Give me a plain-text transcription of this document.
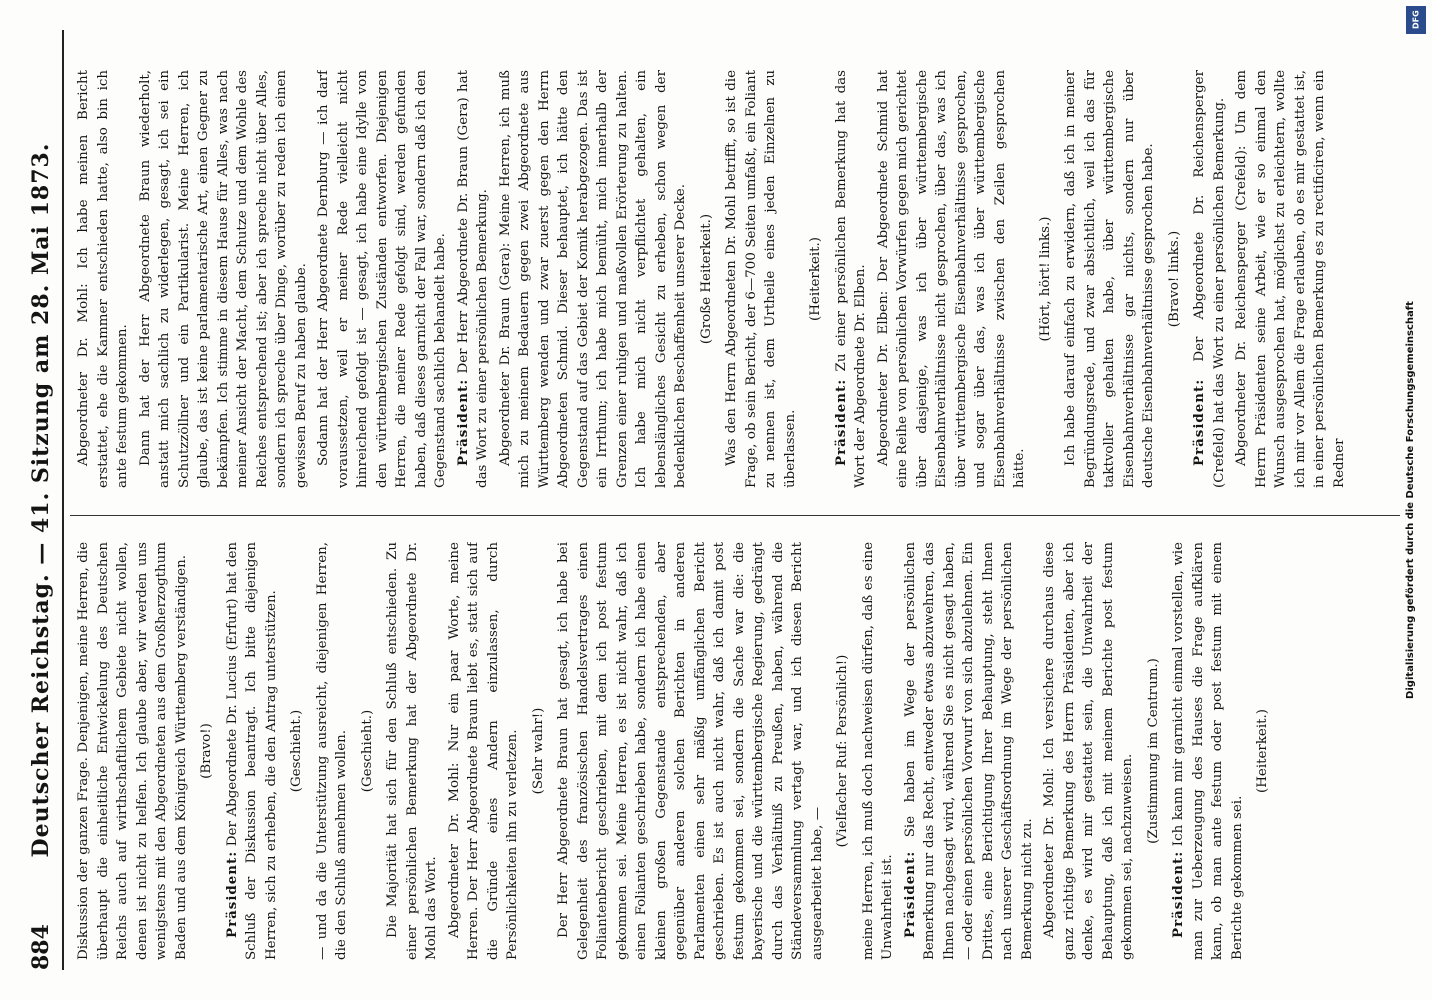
884
Deutscher Reichstag. — 41. Sitzung am 28. Mai 1873. Diskussion der ganzen Frage. Denjenigen, meine Herren, die überhaupt die einheitliche Entwickelung des Deutschen Reichs auch auf wirthschaftlichem Gebiete nicht wollen, denen ist nicht zu helfen. Ich glaube aber, wir werden uns wenigstens mit den Abgeordneten aus dem Großherzogthum Baden und aus dem Königreich Württemberg verständigen. (Bravo!)

Präsident: Der Abgeordnete Dr. Lucius (Erfurt) hat den Schluß der Diskussion beantragt. Ich bitte diejenigen Herren, sich zu erheben, die den Antrag unterstützen. (Geschieht.) — und da die Unterstützung ausreicht, diejenigen Herren, die den Schluß annehmen wollen. (Geschieht.) Die Majorität hat sich für den Schluß entschieden. Zu einer persönlichen Bemerkung hat der Abgeordnete Dr. Mohl das Wort. Abgeordneter Dr. Mohl: Nur ein paar Worte, meine Herren. Der Herr Abgeordnete Braun liebt es, statt sich auf die Gründe eines Andern einzulassen, durch Persönlichkeiten ihn zu verletzen. (Sehr wahr!) Der Herr Abgeordnete Braun hat gesagt, ich habe bei Gelegenheit des französischen Handelsvertrages einen Foliantenbericht geschrieben, mit dem ich post festum gekommen sei. Meine Herren, es ist nicht wahr, daß ich einen Folianten geschrieben habe, sondern ich habe einen kleinen großen Gegenstande entsprechenden, aber gegenüber anderen solchen Berichten in anderen Parlamenten einen sehr mäßig umfänglichen Bericht geschrieben. Es ist auch nicht wahr, daß ich damit post festum gekommen sei, sondern die Sache war die: die bayerische und die württembergische Regierung, gedrängt durch das Verhältniß zu Preußen, haben, während die Ständeversammlung vertagt war, und ich diesen Bericht ausgearbeitet habe, —

(Vielfacher Ruf: Persönlich!) meine Herren, ich muß doch nachweisen dürfen, daß es eine Unwahrheit ist. Präsident: Sie haben im Wege der persönlichen Bemerkung nur das Recht, entweder etwas abzuwehren, das Ihnen nachgesagt wird, während Sie es nicht gesagt haben, — oder einen persönlichen Vorwurf von sich abzulehnen. Ein Drittes, eine Berichtigung Ihrer Behauptung, steht Ihnen nach unserer Geschäftsordnung im Wege der persönlichen Bemerkung nicht zu. Abgeordneter Dr. Mohl: Ich versichere durchaus diese ganz richtige Bemerkung des Herrn Präsidenten, aber ich denke, es wird mir gestattet sein, die Unwahrheit der Behauptung, daß ich mit meinem Berichte post festum gekommen sei, nachzuweisen.

(Zustimmung im Centrum.)

Präsident: Ich kann mir garnicht einmal vorstellen, wie man zur Ueberzeugung des Hauses die Frage aufklären kann, ob man ante festum oder post festum mit einem Berichte gekommen sei.

(Heiterkeit.)

Abgeordneter Dr. Mohl: Ich habe meinen Bericht erstattet, ehe die Kammer entschieden hatte, also bin ich ante festum gekommen. Dann hat der Herr Abgeordnete Braun wiederholt, anstatt mich sachlich zu widerlegen, gesagt, ich sei ein Schutzzöllner und ein Partikularist. Meine Herren, ich glaube, das ist keine parlamentarische Art, einen Gegner zu bekämpfen. Ich stimme in diesem Hause für Alles, was nach meiner Ansicht der Macht, dem Schutze und dem Wohle des Reiches entsprechend ist; aber ich spreche nicht über Alles, sondern ich spreche über Dinge, worüber zu reden ich einen gewissen Beruf zu haben glaube. Sodann hat der Herr Abgeordnete Dernburg — ich darf voraussetzen, weil er meiner Rede vielleicht nicht hinreichend gefolgt ist — gesagt, ich habe eine Idylle von den württembergischen Zuständen entworfen. Diejenigen Herren, die meiner Rede gefolgt sind, werden gefunden haben, daß dieses garnicht der Fall war, sondern daß ich den Gegenstand sachlich behandelt habe. Präsident: Der Herr Abgeordnete Dr. Braun (Gera) hat das Wort zu einer persönlichen Bemerkung. Abgeordneter Dr. Braun (Gera): Meine Herren, ich muß mich zu meinem Bedauern gegen zwei Abgeordnete aus Württemberg wenden und zwar zuerst gegen den Herrn Abgeordneten Schmid. Dieser behauptet, ich hätte den Gegenstand auf das Gebiet der Komik herabgezogen. Das ist ein Irrthum; ich habe mich bemüht, mich innerhalb der Grenzen einer ruhigen und maßvollen Erörterung zu halten. Ich habe mich nicht verpflichtet gehalten, ein lebenslängliches Gesicht zu erheben, schon wegen der bedenklichen Beschaffenheit unserer Decke. (Große Heiterkeit.) Was den Herrn Abgeordneten Dr. Mohl betrifft, so ist die Frage, ob sein Bericht, der 6—700 Seiten umfaßt, ein Foliant zu nennen ist, dem Urtheile eines jeden Einzelnen zu überlassen.

(Heiterkeit.)

Präsident: Zu einer persönlichen Bemerkung hat das Wort der Abgeordnete Dr. Elben. Abgeordneter Dr. Elben: Der Abgeordnete Schmid hat eine Reihe von persönlichen Vorwürfen gegen mich gerichtet über dasjenige, was ich über württembergische Eisenbahnverhältnisse nicht gesprochen, über das, was ich über württembergische Eisenbahnverhältnisse gesprochen, und sogar über das, was ich über württembergische Eisenbahnverhältnisse zwischen den Zeilen gesprochen hätte.

(Hört, hört! links.) Ich habe darauf einfach zu erwidern, daß ich in meiner Begründungsrede, und zwar absichtlich, weil ich das für taktvoller gehalten habe, über württembergische Eisenbahnverhältnisse gar nichts, sondern nur über deutsche Eisenbahnverhältnisse gesprochen habe. (Bravo! links.)

Präsident: Der Abgeordnete Dr. Reichensperger (Crefeld) hat das Wort zu einer persönlichen Bemerkung. Abgeordneter Dr. Reichensperger (Crefeld): Um dem Herrn Präsidenten seine Arbeit, wie er so einmal den Wunsch ausgesprochen hat, möglichst zu erleichtern, wollte ich mir vor Allem die Frage erlauben, ob es mir gestattet ist, in einer persönlichen Bemerkung es zu rectificiren, wenn ein Redner	Digitalisierung gefördert durch die Deutsche Forschungsgemeinschaft
DFG
